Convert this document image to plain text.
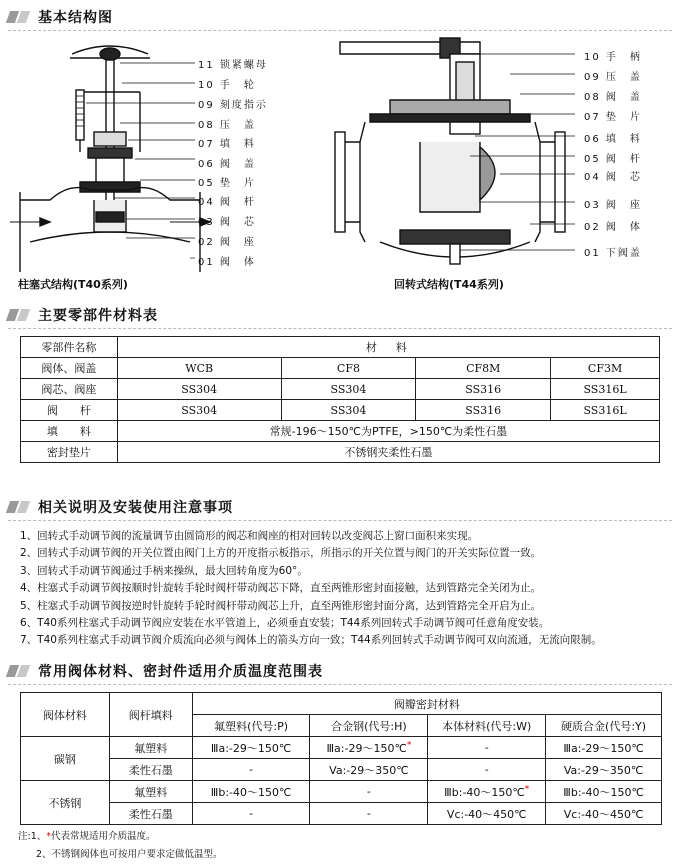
基本结构图
11 锁紧螺母
10 手　轮
09 刻度指示
08 压　盖
07 填　料
06 阀　盖
05 垫　片
04 阀　杆
03 阀　芯
02 阀　座
01 阀　体
柱塞式结构(T40系列)
10 手　柄
09 压　盖
08 阀　盖
07 垫　片
06 填　料
05 阀　杆
04 阀　芯
03 阀　座
02 阀　体
01 下阀盖
回转式结构(T44系列)
主要零部件材料表
零部件名称	材　料			
阀体、阀盖	WCB	CF8	CF8M	CF3M
阀芯、阀座	SS304	SS304	SS316	SS316L
阀　　杆	SS304	SS304	SS316	SS316L
填　　料	常规-196～150℃为PTFE，>150℃为柔性石墨			
密封垫片	不锈钢夹柔性石墨			
相关说明及安装使用注意事项
1、回转式手动调节阀的流量调节由圆筒形的阀芯和阀座的相对回转以改变阀芯上窗口面积来实现。
2、回转式手动调节阀的开关位置由阀门上方的开度指示板指示，所指示的开关位置与阀门的开关实际位置一致。
3、回转式手动调节阀通过手柄来操纵，最大回转角度为60°。
4、柱塞式手动调节阀按顺时针旋转手轮时阀杆带动阀芯下降，直至两锥形密封面接触，达到管路完全关闭为止。
5、柱塞式手动调节阀按逆时针旋转手轮时阀杆带动阀芯上升，直至两锥形密封面分离，达到管路完全开启为止。
6、T40系列柱塞式手动调节阀应安装在水平管道上，必须垂直安装；T44系列回转式手动调节阀可任意角度安装。
7、T40系列柱塞式手动调节阀介质流向必须与阀体上的箭头方向一致；T44系列回转式手动调节阀可双向流通，无流向限制。
常用阀体材料、密封件适用介质温度范围表
阀体材料	阀杆填料	阀瓣密封材料			
		氟塑料(代号:P)	合金钢(代号:H)	本体材料(代号:W)	硬质合金(代号:Y)
碳钢	氟塑料	Ⅲa:-29～150℃	Ⅲa:-29～150℃*	-	Ⅲa:-29～150℃
	柔性石墨	-	Va:-29～350℃	-	Va:-29～350℃
不锈钢	氟塑料	Ⅲb:-40～150℃	-	Ⅲb:-40～150℃*	Ⅲb:-40～150℃
	柔性石墨	-	-	Vc:-40～450℃	Vc:-40～450℃
注:1、*代表常规适用介质温度。
2、不锈钢阀体也可按用户要求定做低温型。
